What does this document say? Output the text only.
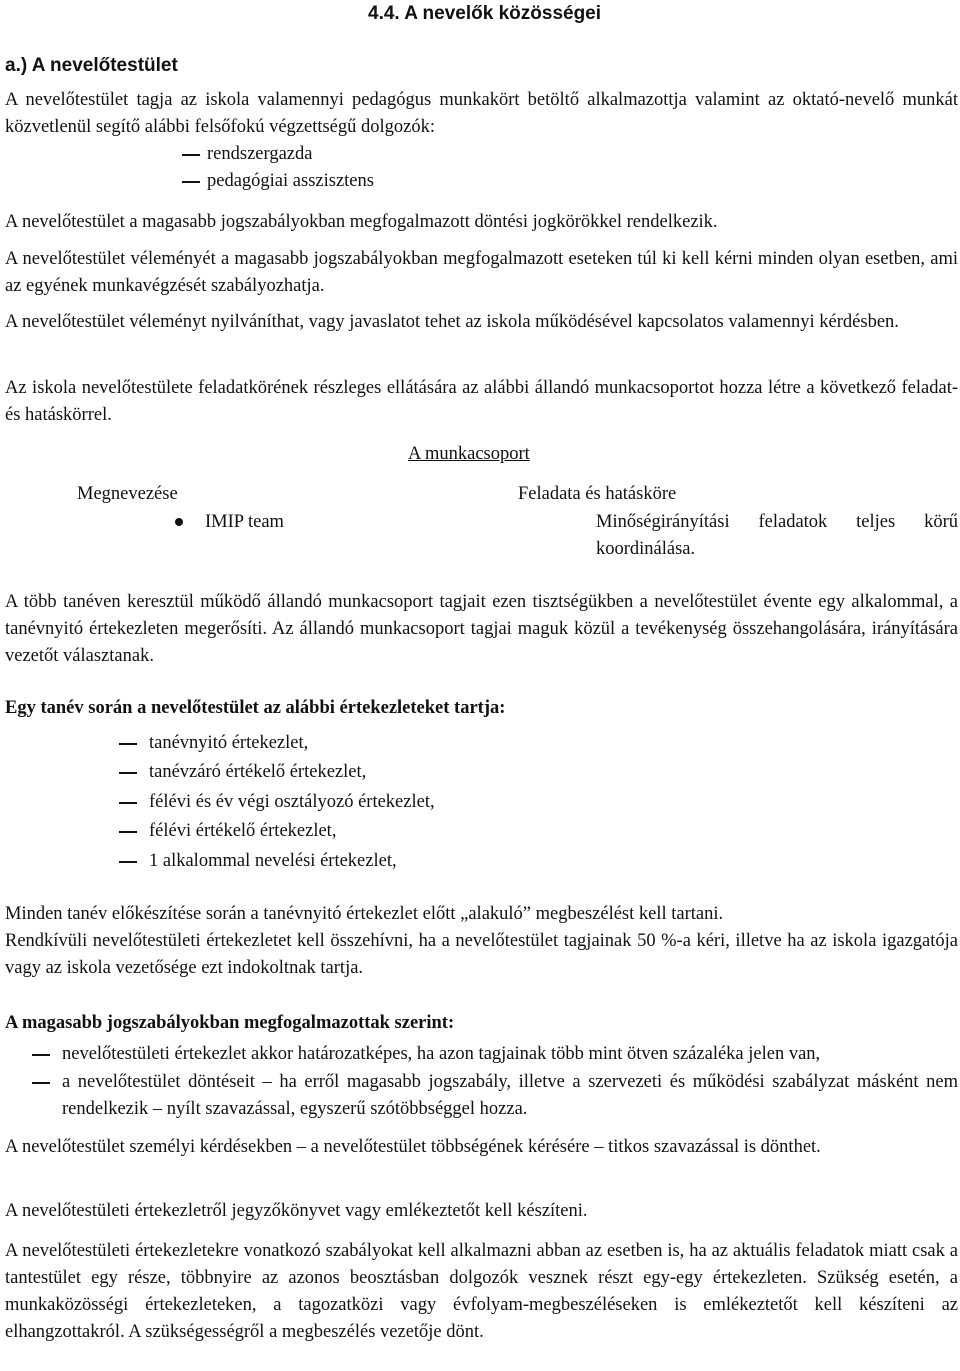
4.4. A nevelők közösségei
a.) A nevelőtestület
A nevelőtestület tagja az iskola valamennyi pedagógus munkakört betöltő alkalmazottja valamint az oktató-nevelő munkát közvetlenül segítő alábbi felsőfokú végzettségű dolgozók:
rendszergazda
pedagógiai asszisztens
A nevelőtestület a magasabb jogszabályokban megfogalmazott döntési jogkörökkel rendelkezik.
A nevelőtestület véleményét a magasabb jogszabályokban megfogalmazott eseteken túl ki kell kérni minden olyan esetben, ami az egyének munkavégzését szabályozhatja.
A nevelőtestület véleményt nyilváníthat, vagy javaslatot tehet az iskola működésével kapcsolatos valamennyi kérdésben.
Az iskola nevelőtestülete feladatkörének részleges ellátására az alábbi állandó munkacsoportot hozza létre a következő feladat- és hatáskörrel.
A munkacsoport
Megnevezése	Feladata és hatásköre
IMIP team	Minőségirányítási feladatok teljes körű koordinálása.
A több tanéven keresztül működő állandó munkacsoport tagjait ezen tisztségükben a nevelőtestület évente egy alkalommal, a tanévnyitó értekezleten megerősíti. Az állandó munkacsoport tagjai maguk közül a tevékenység összehangolására, irányítására vezetőt választanak.
Egy tanév során a nevelőtestület az alábbi értekezleteket tartja:
tanévnyitó értekezlet,
tanévzáró értékelő értekezlet,
félévi és év végi osztályozó értekezlet,
félévi értékelő értekezlet,
1 alkalommal nevelési értekezlet,
Minden tanév előkészítése során a tanévnyitó értekezlet előtt „alakuló” megbeszélést kell tartani.
Rendkívüli nevelőtestületi értekezletet kell összehívni, ha a nevelőtestület tagjainak 50 %-a kéri, illetve ha az iskola igazgatója vagy az iskola vezetősége ezt indokoltnak tartja.
A magasabb jogszabályokban megfogalmazottak szerint:
nevelőtestületi értekezlet akkor határozatképes, ha azon tagjainak több mint ötven százaléka jelen van,
a nevelőtestület döntéseit – ha erről magasabb jogszabály, illetve a szervezeti és működési szabályzat másként nem rendelkezik – nyílt szavazással, egyszerű szótöbbséggel hozza.
A nevelőtestület személyi kérdésekben – a nevelőtestület többségének kérésére – titkos szavazással is dönthet.
A nevelőtestületi értekezletről jegyzőkönyvet vagy emlékeztetőt kell készíteni.
A nevelőtestületi értekezletekre vonatkozó szabályokat kell alkalmazni abban az esetben is, ha az aktuális feladatok miatt csak a tantestület egy része, többnyire az azonos beosztásban dolgozók vesznek részt egy-egy értekezleten. Szükség esetén, a munkaközösségi értekezleteken, a tagozatközi vagy évfolyam-megbeszéléseken is emlékeztetőt kell készíteni az elhangzottakról. A szükségességről a megbeszélés vezetője dönt.
